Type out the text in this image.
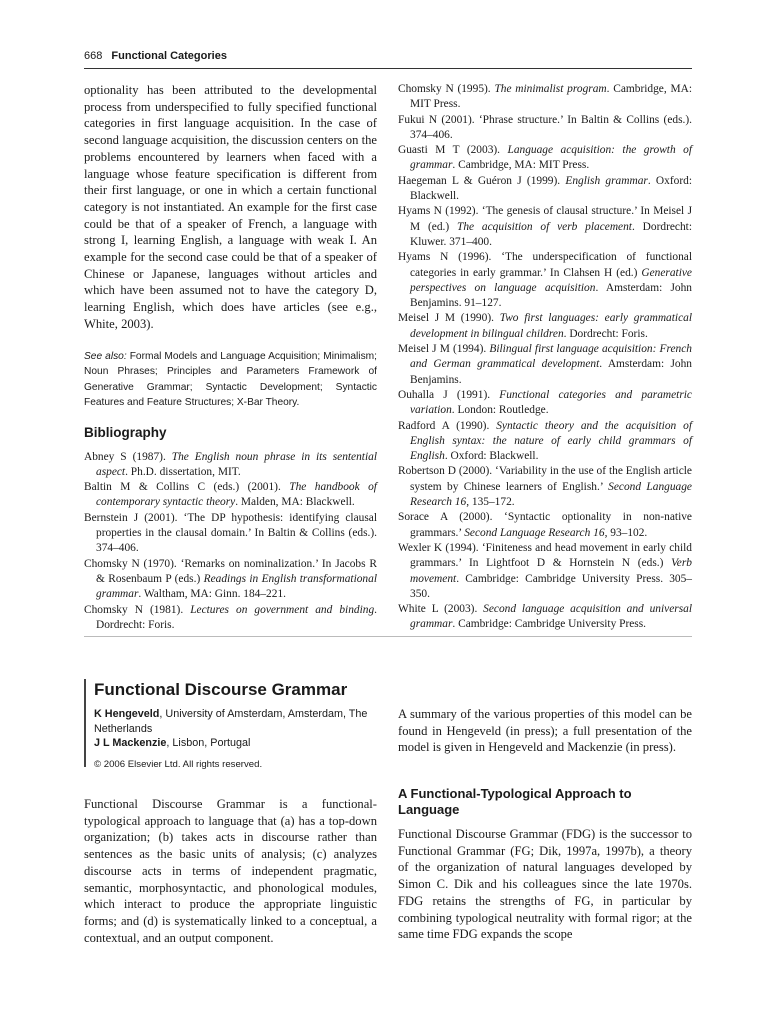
668 Functional Categories
optionality has been attributed to the developmental process from underspecified to fully specified functional categories in first language acquisition. In the case of second language acquisition, the discussion centers on the problems encountered by learners when faced with a language whose feature specification is different from their first language, or one in which a certain functional category is not instantiated. An example for the first case could be that of a speaker of French, a language with strong I, learning English, a language with weak I. An example for the second case could be that of a speaker of Chinese or Japanese, languages without articles and which have been assumed not to have the category D, learning English, which does have articles (see e.g., White, 2003).
See also: Formal Models and Language Acquisition; Minimalism; Noun Phrases; Principles and Parameters Framework of Generative Grammar; Syntactic Development; Syntactic Features and Feature Structures; X-Bar Theory.
Bibliography
Abney S (1987). The English noun phrase in its sentential aspect. Ph.D. dissertation, MIT.
Baltin M & Collins C (eds.) (2001). The handbook of contemporary syntactic theory. Malden, MA: Blackwell.
Bernstein J (2001). ‘The DP hypothesis: identifying clausal properties in the clausal domain.’ In Baltin & Collins (eds.). 374–406.
Chomsky N (1970). ‘Remarks on nominalization.’ In Jacobs R & Rosenbaum P (eds.) Readings in English transformational grammar. Waltham, MA: Ginn. 184–221.
Chomsky N (1981). Lectures on government and binding. Dordrecht: Foris.
Chomsky N (1995). The minimalist program. Cambridge, MA: MIT Press.
Fukui N (2001). ‘Phrase structure.’ In Baltin & Collins (eds.). 374–406.
Guasti M T (2003). Language acquisition: the growth of grammar. Cambridge, MA: MIT Press.
Haegeman L & Guéron J (1999). English grammar. Oxford: Blackwell.
Hyams N (1992). ‘The genesis of clausal structure.’ In Meisel J M (ed.) The acquisition of verb placement. Dordrecht: Kluwer. 371–400.
Hyams N (1996). ‘The underspecification of functional categories in early grammar.’ In Clahsen H (ed.) Generative perspectives on language acquisition. Amsterdam: John Benjamins. 91–127.
Meisel J M (1990). Two first languages: early grammatical development in bilingual children. Dordrecht: Foris.
Meisel J M (1994). Bilingual first language acquisition: French and German grammatical development. Amsterdam: John Benjamins.
Ouhalla J (1991). Functional categories and parametric variation. London: Routledge.
Radford A (1990). Syntactic theory and the acquisition of English syntax: the nature of early child grammars of English. Oxford: Blackwell.
Robertson D (2000). ‘Variability in the use of the English article system by Chinese learners of English.’ Second Language Research 16, 135–172.
Sorace A (2000). ‘Syntactic optionality in non-native grammars.’ Second Language Research 16, 93–102.
Wexler K (1994). ‘Finiteness and head movement in early child grammars.’ In Lightfoot D & Hornstein N (eds.) Verb movement. Cambridge: Cambridge University Press. 305–350.
White L (2003). Second language acquisition and universal grammar. Cambridge: Cambridge University Press.
Functional Discourse Grammar
K Hengeveld, University of Amsterdam, Amsterdam, The Netherlands
J L Mackenzie, Lisbon, Portugal
© 2006 Elsevier Ltd. All rights reserved.
Functional Discourse Grammar is a functional-typological approach to language that (a) has a top-down organization; (b) takes acts in discourse rather than sentences as the basic units of analysis; (c) analyzes discourse acts in terms of independent pragmatic, semantic, morphosyntactic, and phonological modules, which interact to produce the appropriate linguistic forms; and (d) is systematically linked to a conceptual, a contextual, and an output component.
A summary of the various properties of this model can be found in Hengeveld (in press); a full presentation of the model is given in Hengeveld and Mackenzie (in press).
A Functional-Typological Approach to Language
Functional Discourse Grammar (FDG) is the successor to Functional Grammar (FG; Dik, 1997a, 1997b), a theory of the organization of natural languages developed by Simon C. Dik and his colleagues since the late 1970s. FDG retains the strengths of FG, in particular by combining typological neutrality with formal rigor; at the same time FDG expands the scope
